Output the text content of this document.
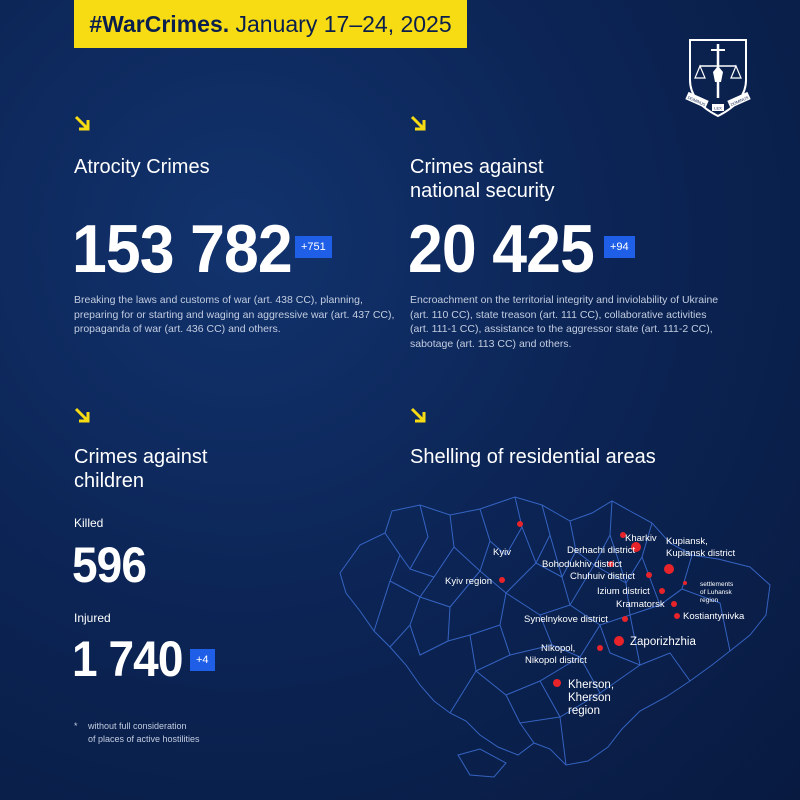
#WarCrimes. January 17–24, 2025
DOMINUS
LEX
DOMINUS
Atrocity Crimes
153 782 +751
Breaking the laws and customs of war (art. 438 CC), planning, preparing for or starting and waging an aggressive war (art. 437 CC), propaganda of war (art. 436 CC) and others.
Crimes against
national security
20 425	+94
Encroachment on the territorial integrity and inviolability of Ukraine (art. 110 CC), state treason (art. 111 CC), collaborative activities (art. 111-1 CC), assistance to the aggressor state (art. 111-2 CC), sabotage (art. 113 CC) and others.
Crimes against
children
Killed
596
Injured
1 740	+4
* without full consideration
of places of active hostilities
Shelling of residential areas
Kyiv
Kyiv region
Kharkiv
Derhachi district
Kupiansk,
Kupiansk district
Bohodukhiv district
Chuhuiv district
settlements
of Luhansk
region
Izium district
Kramatorsk
Kostiantynivka
Synelnykove district
Zaporizhzhia
Nikopol,
Nikopol district
Kherson,
Kherson
region
